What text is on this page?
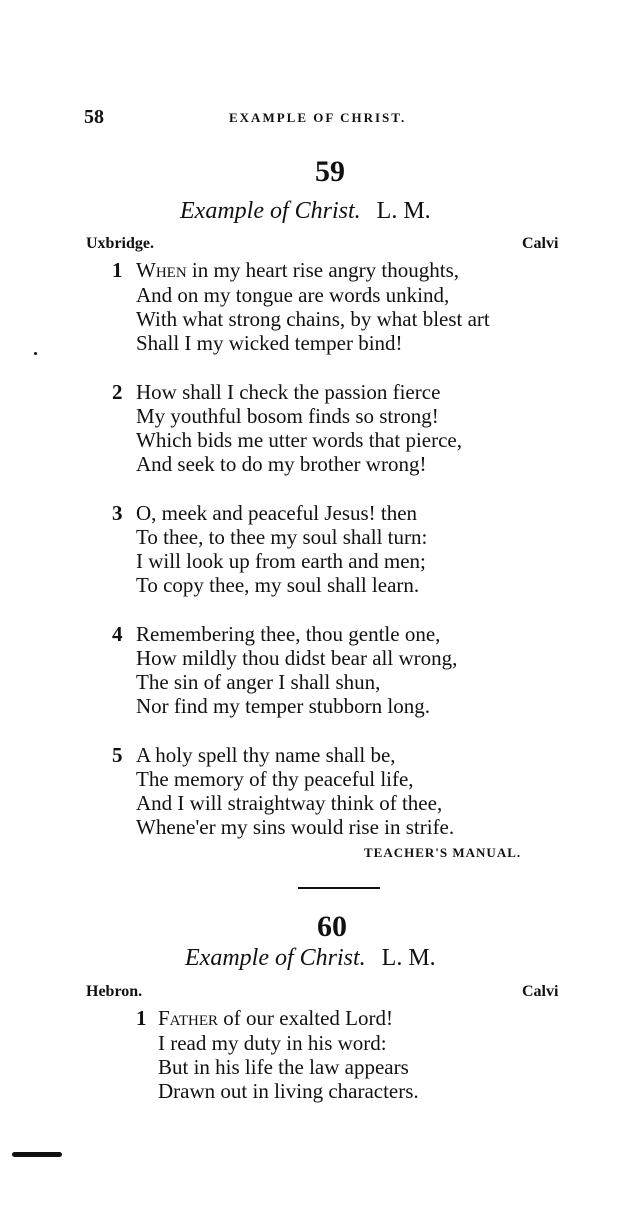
58	EXAMPLE OF CHRIST.
59
Example of Christ. L. M.
Uxbridge.	Calvi
1 When in my heart rise angry thoughts,
And on my tongue are words unkind,
With what strong chains, by what blest art
Shall I my wicked temper bind!
2 How shall I check the passion fierce
My youthful bosom finds so strong!
Which bids me utter words that pierce,
And seek to do my brother wrong!
3 O, meek and peaceful Jesus! then
To thee, to thee my soul shall turn:
I will look up from earth and men;
To copy thee, my soul shall learn.
4 Remembering thee, thou gentle one,
How mildly thou didst bear all wrong,
The sin of anger I shall shun,
Nor find my temper stubborn long.
5 A holy spell thy name shall be,
The memory of thy peaceful life,
And I will straightway think of thee,
Whene'er my sins would rise in strife.
TEACHER'S MANUAL.
60
Example of Christ. L. M.
Hebron.	Calvi
1 Father of our exalted Lord!
I read my duty in his word:
But in his life the law appears
Drawn out in living characters.
